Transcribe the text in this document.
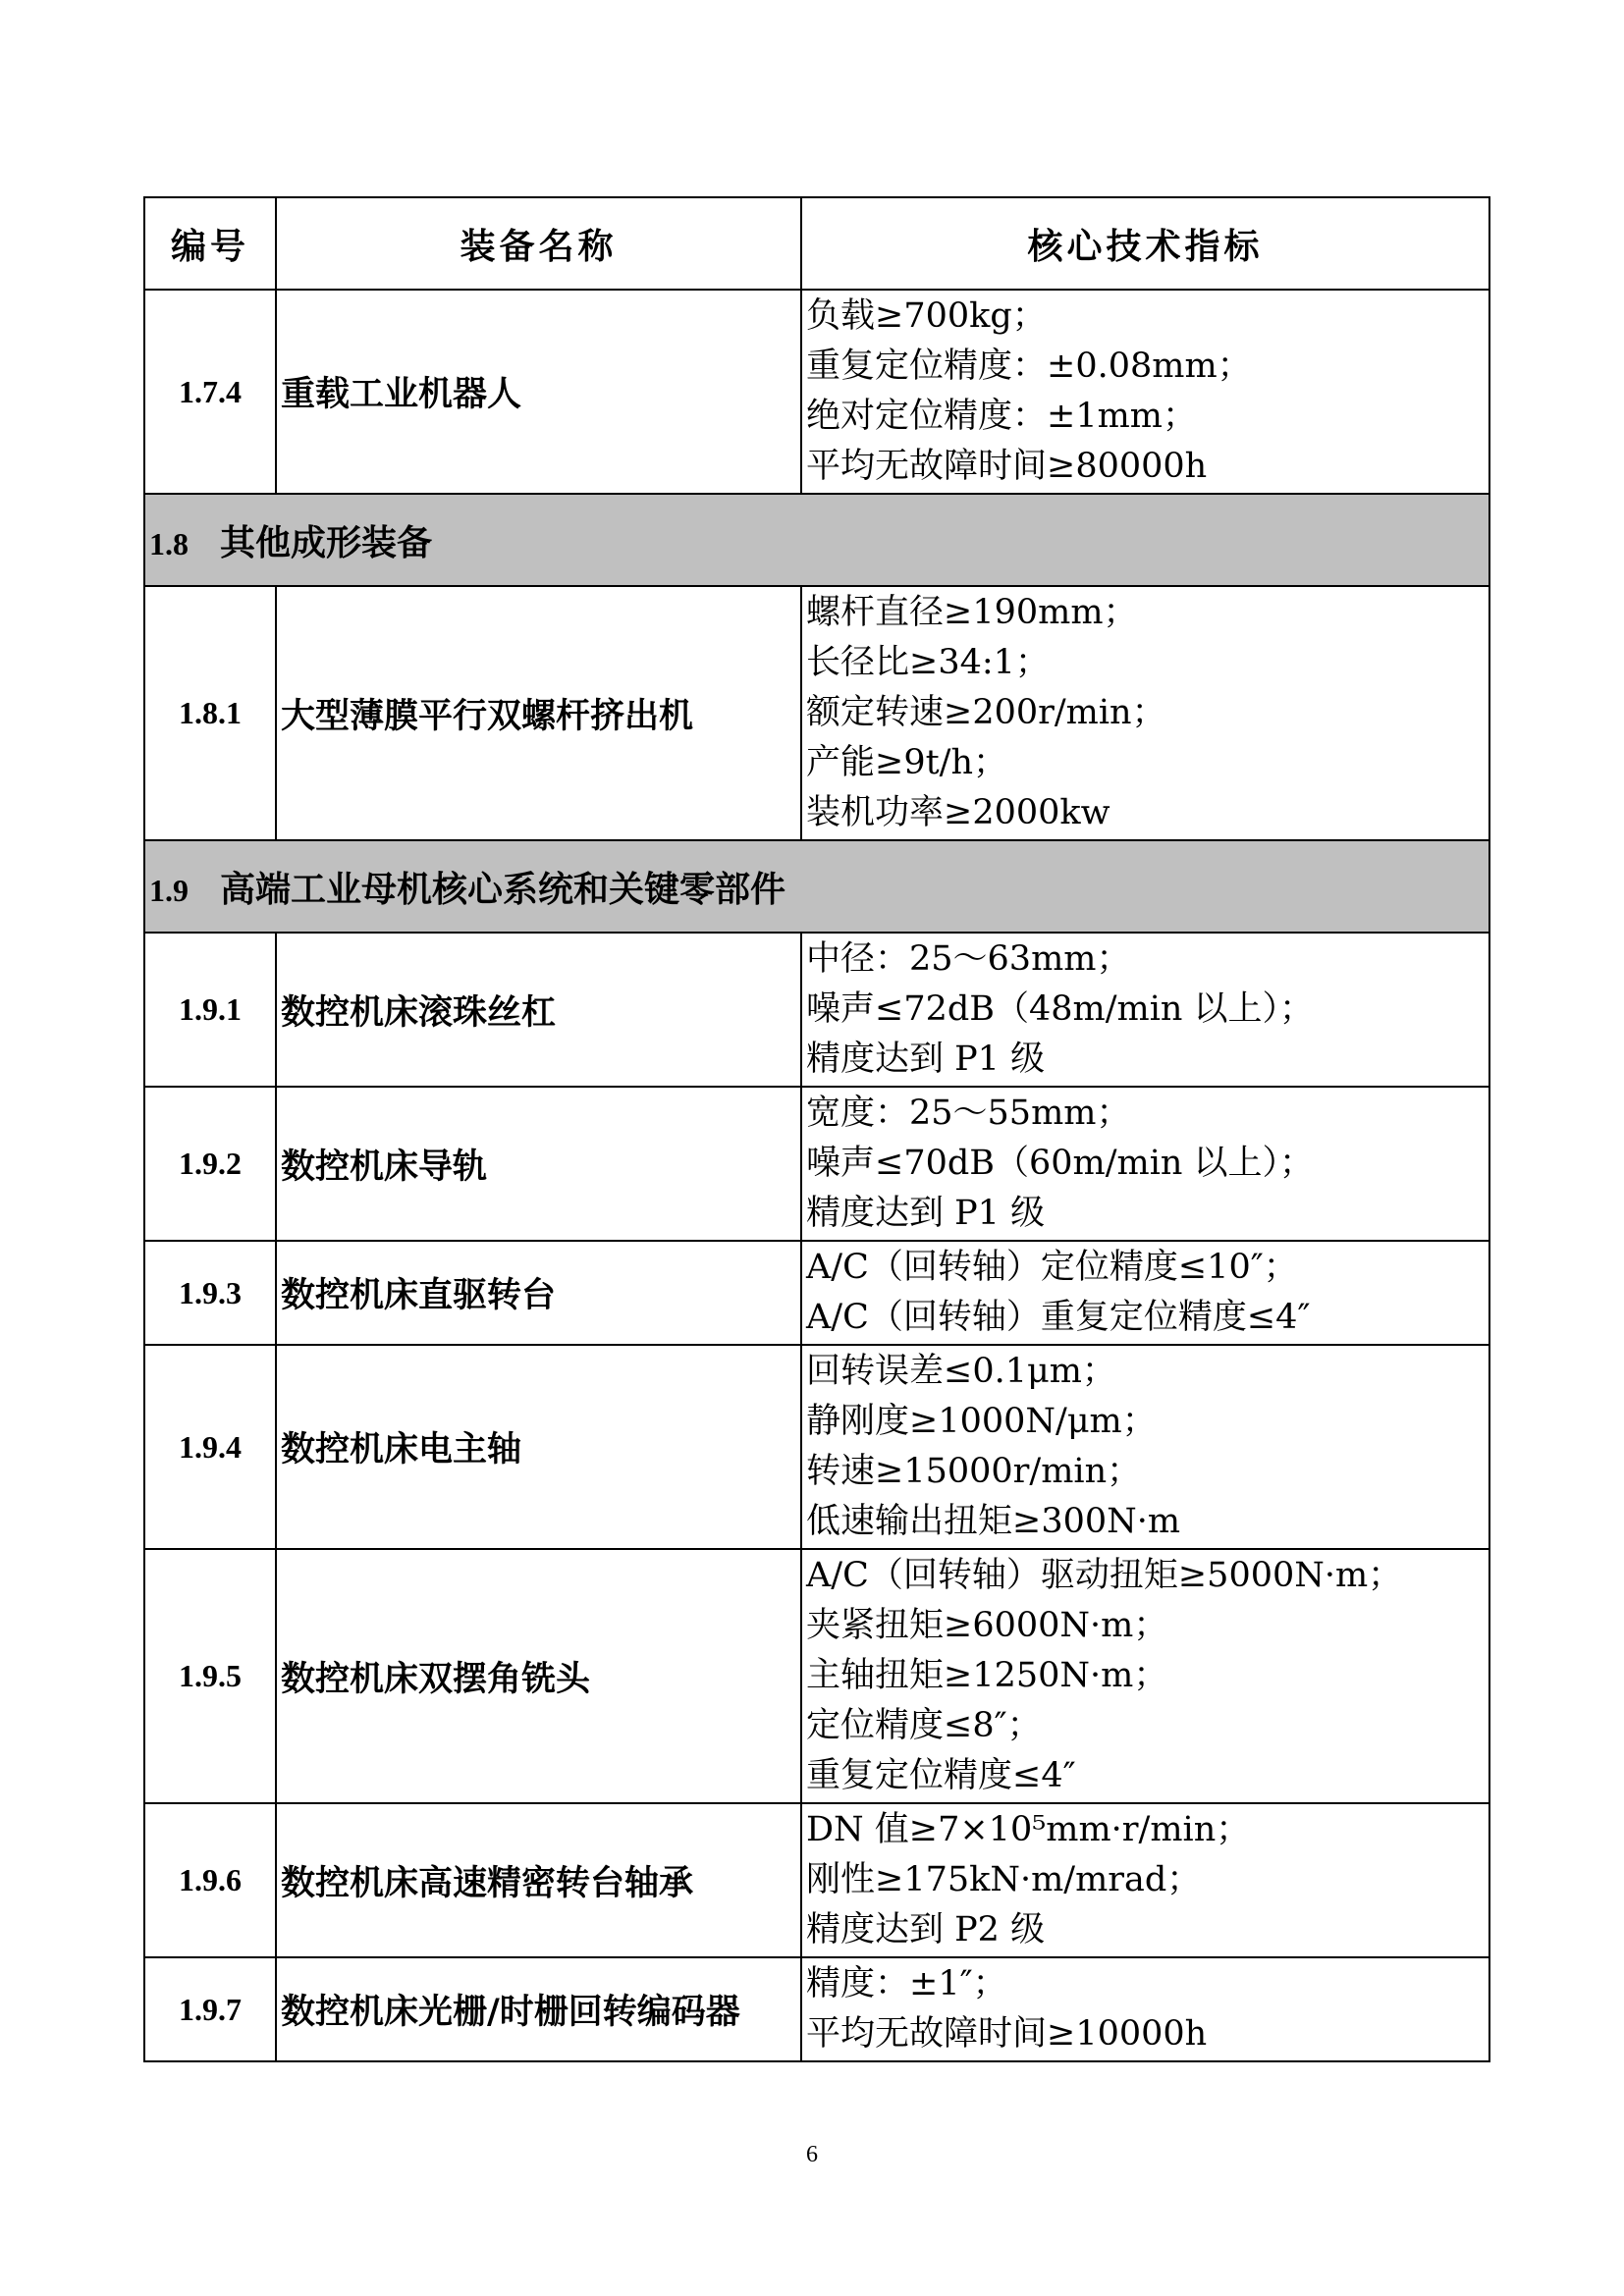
编号	装备名称	核心技术指标
1.7.4	重载工业机器人	负载≥700kg；
重复定位精度：±0.08mm；
绝对定位精度：±1mm；
平均无故障时间≥80000h

1.8 其他成形装备		
1.8.1	大型薄膜平行双螺杆挤出机	螺杆直径≥190mm；
长径比≥34:1；
额定转速≥200r/min；
产能≥9t/h；
装机功率≥2000kw

1.9 高端工业母机核心系统和关键零部件		
1.9.1	数控机床滚珠丝杠	中径：25～63mm；
噪声≤72dB（48m/min 以上）；
精度达到 P1 级

1.9.2	数控机床导轨	宽度：25～55mm；
噪声≤70dB（60m/min 以上）；
精度达到 P1 级

1.9.3	数控机床直驱转台	A/C（回转轴）定位精度≤10″；
A/C（回转轴）重复定位精度≤4″

1.9.4	数控机床电主轴	回转误差≤0.1μm；
静刚度≥1000N/μm；
转速≥15000r/min；
低速输出扭矩≥300N·m

1.9.5	数控机床双摆角铣头	A/C（回转轴）驱动扭矩≥5000N·m；
夹紧扭矩≥6000N·m；
主轴扭矩≥1250N·m；
定位精度≤8″；
重复定位精度≤4″

1.9.6	数控机床高速精密转台轴承	DN 值≥7×10⁵mm·r/min；
刚性≥175kN·m/mrad；
精度达到 P2 级

1.9.7	数控机床光栅/时栅回转编码器	精度：±1″；
平均无故障时间≥10000h
6
